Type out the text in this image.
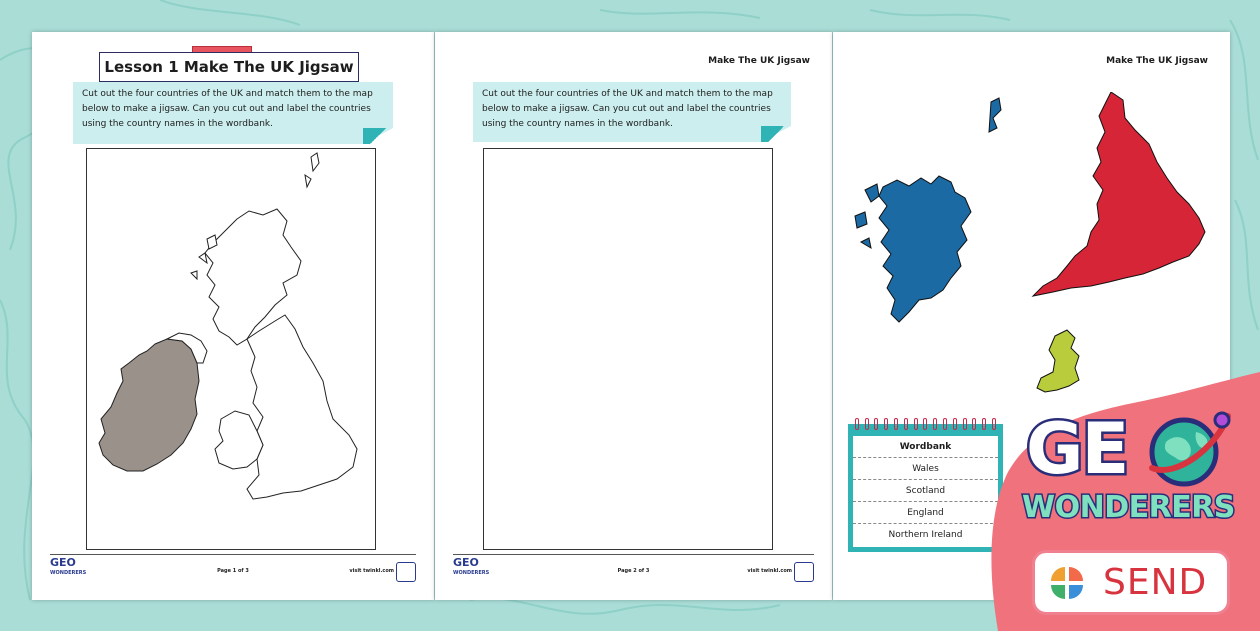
Lesson 1 Make The UK Jigsaw
Cut out the four countries of the UK and match them to the map below to make a jigsaw. Can you cut out and label the countries using the country names in the wordbank.
GEO
WONDERERS	Page 1 of 3	visit twinkl.com
Make The UK Jigsaw
Cut out the four countries of the UK and match them to the map below to make a jigsaw. Can you cut out and label the countries using the country names in the wordbank.
GEO
WONDERERS	Page 2 of 3	visit twinkl.com
Make The UK Jigsaw
Wordbank
Wales
Scotland
England
Northern Ireland
GE
WONDERERS
SEND
